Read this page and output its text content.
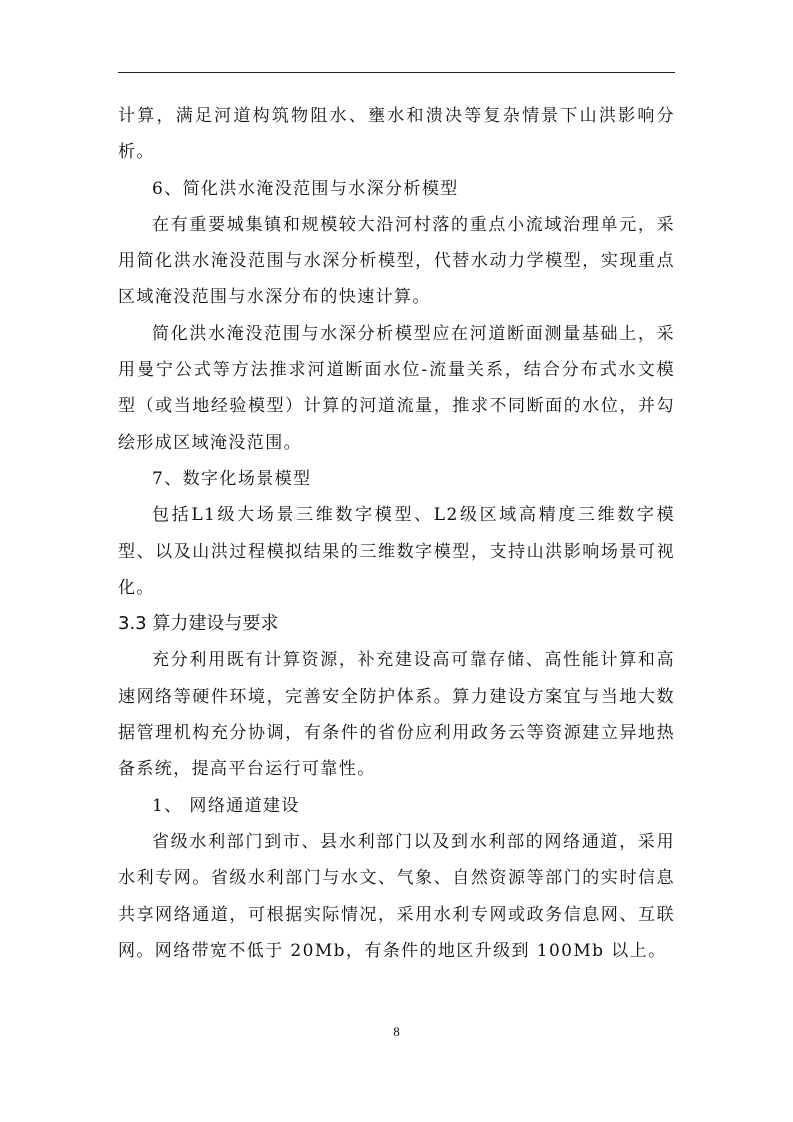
计算，满足河道构筑物阻水、壅水和溃决等复杂情景下山洪影响分析。

6、简化洪水淹没范围与水深分析模型

在有重要城集镇和规模较大沿河村落的重点小流域治理单元，采用简化洪水淹没范围与水深分析模型，代替水动力学模型，实现重点区域淹没范围与水深分布的快速计算。

简化洪水淹没范围与水深分析模型应在河道断面测量基础上，采用曼宁公式等方法推求河道断面水位-流量关系，结合分布式水文模型（或当地经验模型）计算的河道流量，推求不同断面的水位，并勾绘形成区域淹没范围。

7、数字化场景模型

包括L1级大场景三维数字模型、L2级区域高精度三维数字模型、以及山洪过程模拟结果的三维数字模型，支持山洪影响场景可视化。

3.3 算力建设与要求

充分利用既有计算资源，补充建设高可靠存储、高性能计算和高速网络等硬件环境，完善安全防护体系。算力建设方案宜与当地大数据管理机构充分协调，有条件的省份应利用政务云等资源建立异地热备系统，提高平台运行可靠性。

1、 网络通道建设

省级水利部门到市、县水利部门以及到水利部的网络通道，采用水利专网。省级水利部门与水文、气象、自然资源等部门的实时信息共享网络通道，可根据实际情况，采用水利专网或政务信息网、互联网。网络带宽不低于 20Mb，有条件的地区升级到 100Mb 以上。

8
